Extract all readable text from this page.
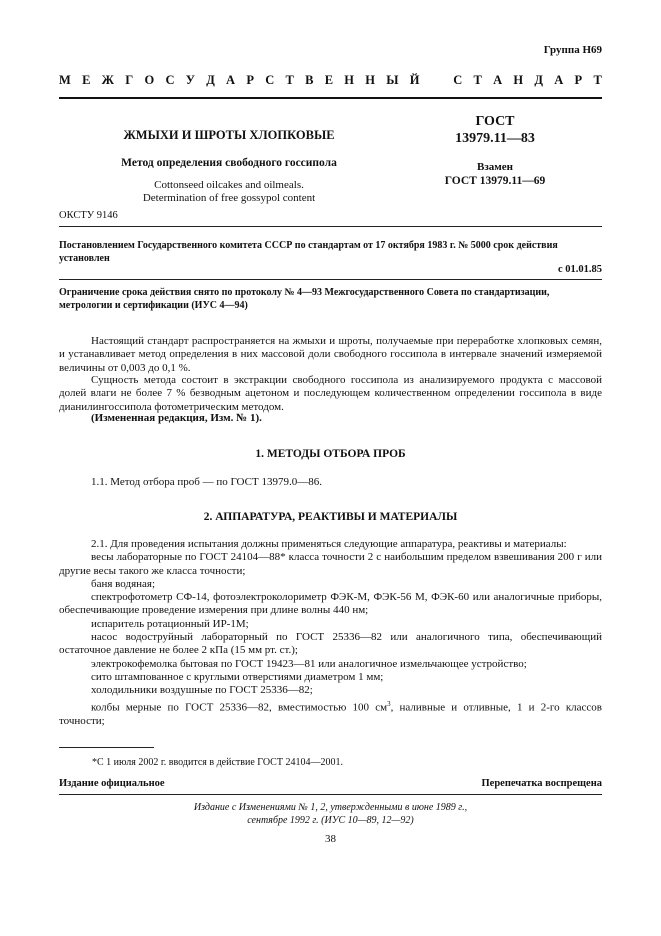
Группа Н69
М Е Ж Г О С У Д А Р С Т В Е Н Н Ы Й	С Т А Н Д А Р Т
ЖМЫХИ И ШРОТЫ ХЛОПКОВЫЕ
Метод определения свободного госсипола
Cottonseed oilcakes and oilmeals.
Determination of free gossypol content
ГОСТ
13979.11—83
Взамен
ГОСТ 13979.11—69
ОКСТУ 9146
Постановлением Государственного комитета СССР по стандартам от 17 октября 1983 г. № 5000 срок действия установлен
с 01.01.85
Ограничение срока действия снято по протоколу № 4—93 Межгосударственного Совета по стандартизации, метрологии и сертификации (ИУС 4—94)
Настоящий стандарт распространяется на жмыхи и шроты, получаемые при переработке хлопковых семян, и устанавливает метод определения в них массовой доли свободного госсипола в интервале значений измеряемой величины от 0,003 до 0,1 %.
Сущность метода состоит в экстракции свободного госсипола из анализируемого продукта с массовой долей влаги не более 7 % безводным ацетоном и последующем количественном определении госсипола в виде дианилингоссипола фотометрическим методом.
(Измененная редакция, Изм. № 1).
1. МЕТОДЫ ОТБОРА ПРОБ
1.1. Метод отбора проб — по ГОСТ 13979.0—86.
2. АППАРАТУРА, РЕАКТИВЫ И МАТЕРИАЛЫ
2.1. Для проведения испытания должны применяться следующие аппаратура, реактивы и материалы:
весы лабораторные по ГОСТ 24104—88* класса точности 2 с наибольшим пределом взвешивания 200 г или другие весы такого же класса точности;
баня водяная;
спектрофотометр СФ-14, фотоэлектроколориметр ФЭК-М, ФЭК-56 М, ФЭК-60 или аналогичные приборы, обеспечивающие проведение измерения при длине волны 440 нм;
испаритель ротационный ИР-1М;
насос водоструйный лабораторный по ГОСТ 25336—82 или аналогичного типа, обеспечивающий остаточное давление не более 2 кПа (15 мм рт. ст.);
электрокофемолка бытовая по ГОСТ 19423—81 или аналогичное измельчающее устройство;
сито штампованное с круглыми отверстиями диаметром 1 мм;
холодильники воздушные по ГОСТ 25336—82;
колбы мерные по ГОСТ 25336—82, вместимостью 100 $см^3$, наливные и отливные, 1 и 2-го классов точности;
*С 1 июля 2002 г. вводится в действие ГОСТ 24104—2001.
Издание официальное	Перепечатка воспрещена
Издание с Изменениями № 1, 2, утвержденными в июне 1989 г.,
сентябре 1992 г. (ИУС 10—89, 12—92)
38
